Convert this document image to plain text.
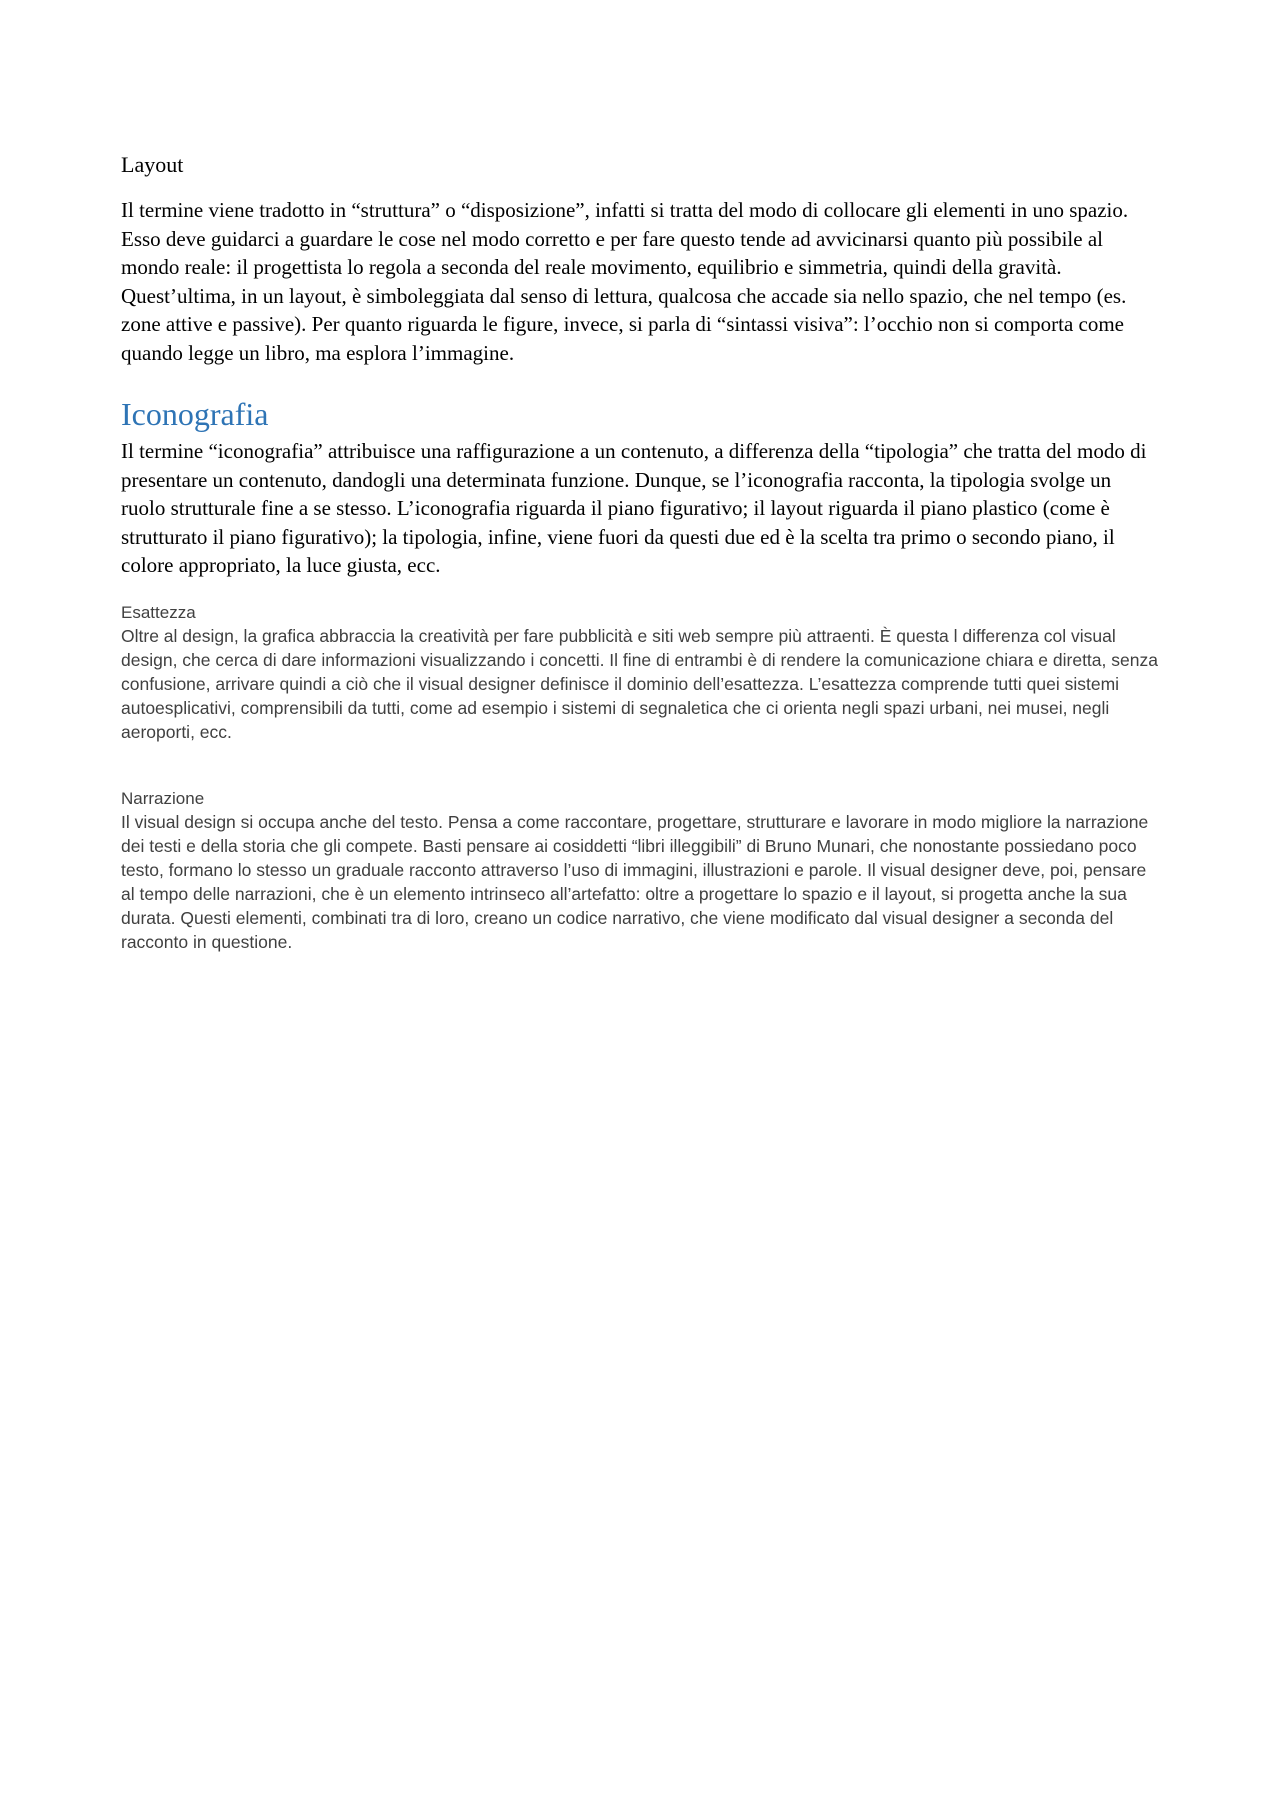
Layout

Il termine viene tradotto in “struttura” o “disposizione”, infatti si tratta del modo di collocare gli elementi in uno spazio. Esso deve guidarci a guardare le cose nel modo corretto e per fare questo tende ad avvicinarsi quanto più possibile al mondo reale: il progettista lo regola a seconda del reale movimento, equilibrio e simmetria, quindi della gravità. Quest’ultima, in un layout, è simboleggiata dal senso di lettura, qualcosa che accade sia nello spazio, che nel tempo (es. zone attive e passive). Per quanto riguarda le figure, invece, si parla di “sintassi visiva”: l’occhio non si comporta come quando legge un libro, ma esplora l’immagine.

Iconografia

Il termine “iconografia” attribuisce una raffigurazione a un contenuto, a differenza della “tipologia” che tratta del modo di presentare un contenuto, dandogli una determinata funzione. Dunque, se l’iconografia racconta, la tipologia svolge un ruolo strutturale fine a se stesso. L’iconografia riguarda il piano figurativo; il layout riguarda il piano plastico (come è strutturato il piano figurativo); la tipologia, infine, viene fuori da questi due ed è la scelta tra primo o secondo piano, il colore appropriato, la luce giusta, ecc.

Esattezza

Oltre al design, la grafica abbraccia la creatività per fare pubblicità e siti web sempre più attraenti. È questa l differenza col visual design, che cerca di dare informazioni visualizzando i concetti. Il fine di entrambi è di rendere la comunicazione chiara e diretta, senza confusione, arrivare quindi a ciò che il visual designer definisce il dominio dell’esattezza. L’esattezza comprende tutti quei sistemi autoesplicativi, comprensibili da tutti, come ad esempio i sistemi di segnaletica che ci orienta negli spazi urbani, nei musei, negli aeroporti, ecc.

Narrazione

Il visual design si occupa anche del testo. Pensa a come raccontare, progettare, strutturare e lavorare in modo migliore la narrazione dei testi e della storia che gli compete. Basti pensare ai cosiddetti “libri illeggibili” di Bruno Munari, che nonostante possiedano poco testo, formano lo stesso un graduale racconto attraverso l’uso di immagini, illustrazioni e parole. Il visual designer deve, poi, pensare al tempo delle narrazioni, che è un elemento intrinseco all’artefatto: oltre a progettare lo spazio e il layout, si progetta anche la sua durata. Questi elementi, combinati tra di loro, creano un codice narrativo, che viene modificato dal visual designer a seconda del racconto in questione.
